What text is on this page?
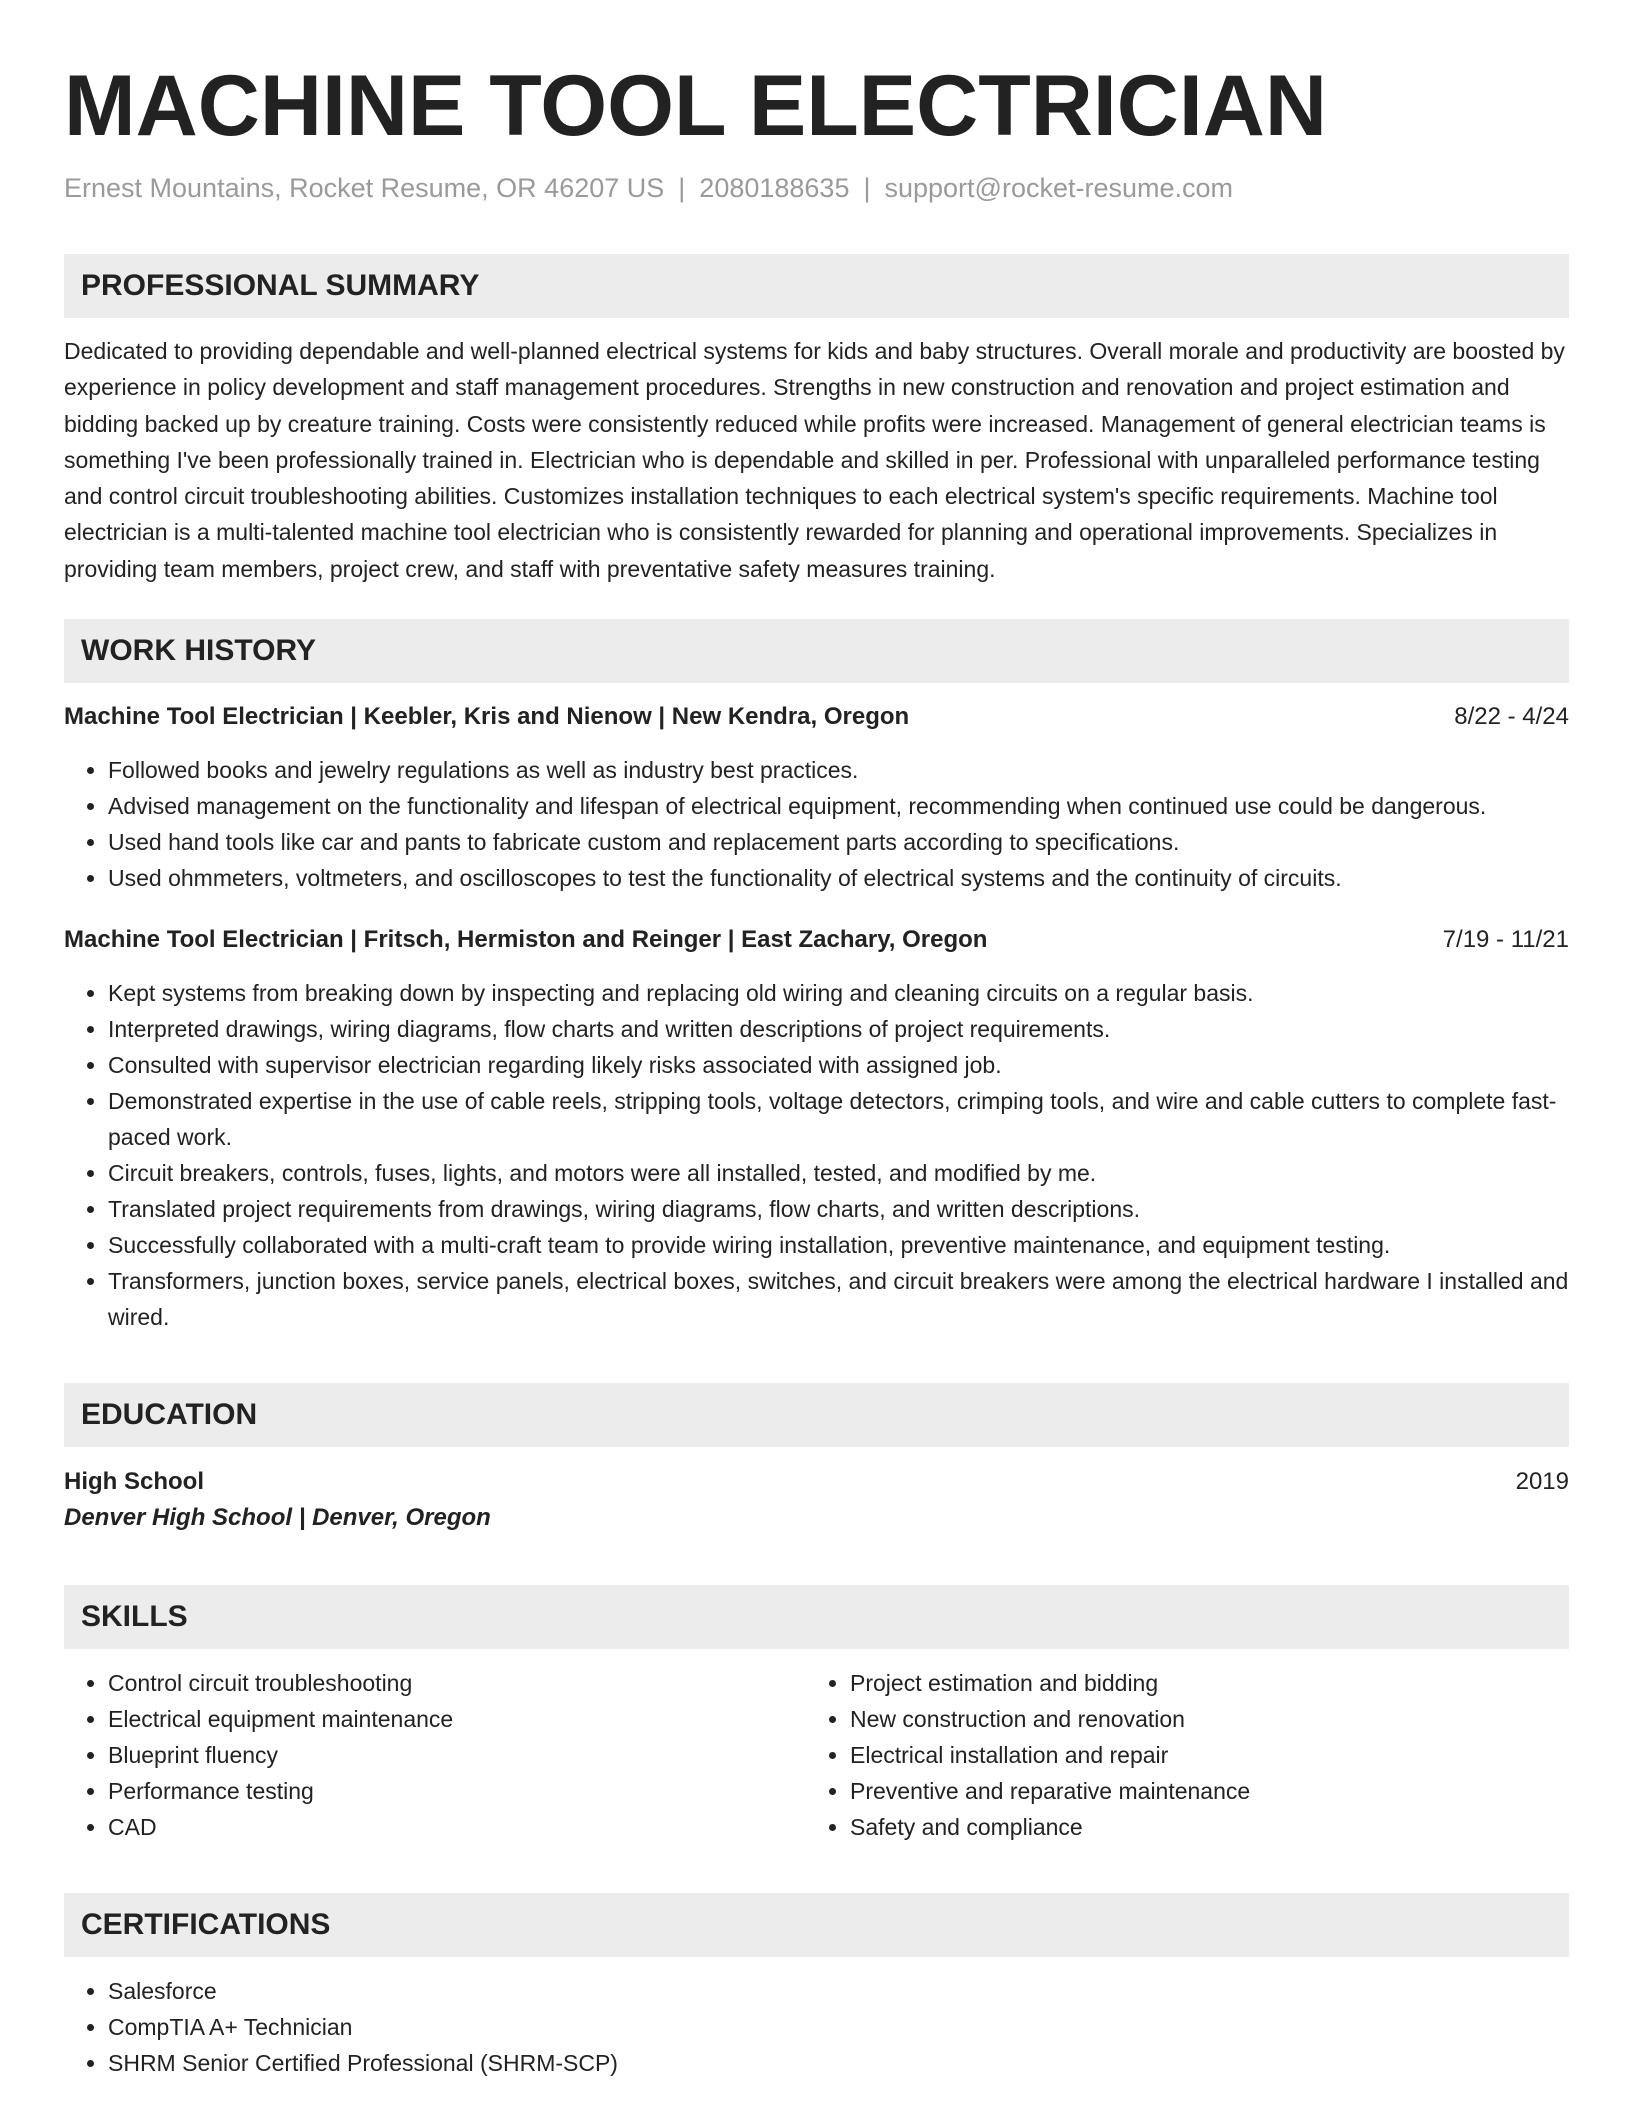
MACHINE TOOL ELECTRICIAN
Ernest Mountains, Rocket Resume, OR 46207 US | 2080188635 | support@rocket-resume.com
PROFESSIONAL SUMMARY
Dedicated to providing dependable and well-planned electrical systems for kids and baby structures. Overall morale and productivity are boosted by experience in policy development and staff management procedures. Strengths in new construction and renovation and project estimation and bidding backed up by creature training. Costs were consistently reduced while profits were increased. Management of general electrician teams is something I've been professionally trained in. Electrician who is dependable and skilled in per. Professional with unparalleled performance testing and control circuit troubleshooting abilities. Customizes installation techniques to each electrical system's specific requirements. Machine tool electrician is a multi-talented machine tool electrician who is consistently rewarded for planning and operational improvements. Specializes in providing team members, project crew, and staff with preventative safety measures training.
WORK HISTORY
Machine Tool Electrician | Keebler, Kris and Nienow | New Kendra, Oregon	8/22 - 4/24
• Followed books and jewelry regulations as well as industry best practices.
• Advised management on the functionality and lifespan of electrical equipment, recommending when continued use could be dangerous.
• Used hand tools like car and pants to fabricate custom and replacement parts according to specifications.
• Used ohmmeters, voltmeters, and oscilloscopes to test the functionality of electrical systems and the continuity of circuits.
Machine Tool Electrician | Fritsch, Hermiston and Reinger | East Zachary, Oregon	7/19 - 11/21
• Kept systems from breaking down by inspecting and replacing old wiring and cleaning circuits on a regular basis.
• Interpreted drawings, wiring diagrams, flow charts and written descriptions of project requirements.
• Consulted with supervisor electrician regarding likely risks associated with assigned job.
• Demonstrated expertise in the use of cable reels, stripping tools, voltage detectors, crimping tools, and wire and cable cutters to complete fast-paced work.
• Circuit breakers, controls, fuses, lights, and motors were all installed, tested, and modified by me.
• Translated project requirements from drawings, wiring diagrams, flow charts, and written descriptions.
• Successfully collaborated with a multi-craft team to provide wiring installation, preventive maintenance, and equipment testing.
• Transformers, junction boxes, service panels, electrical boxes, switches, and circuit breakers were among the electrical hardware I installed and wired.
EDUCATION
High School	2019
Denver High School | Denver, Oregon
SKILLS
• Control circuit troubleshooting
• Electrical equipment maintenance
• Blueprint fluency
• Performance testing
• CAD
• Project estimation and bidding
• New construction and renovation
• Electrical installation and repair
• Preventive and reparative maintenance
• Safety and compliance
CERTIFICATIONS
• Salesforce
• CompTIA A+ Technician
• SHRM Senior Certified Professional (SHRM-SCP)
